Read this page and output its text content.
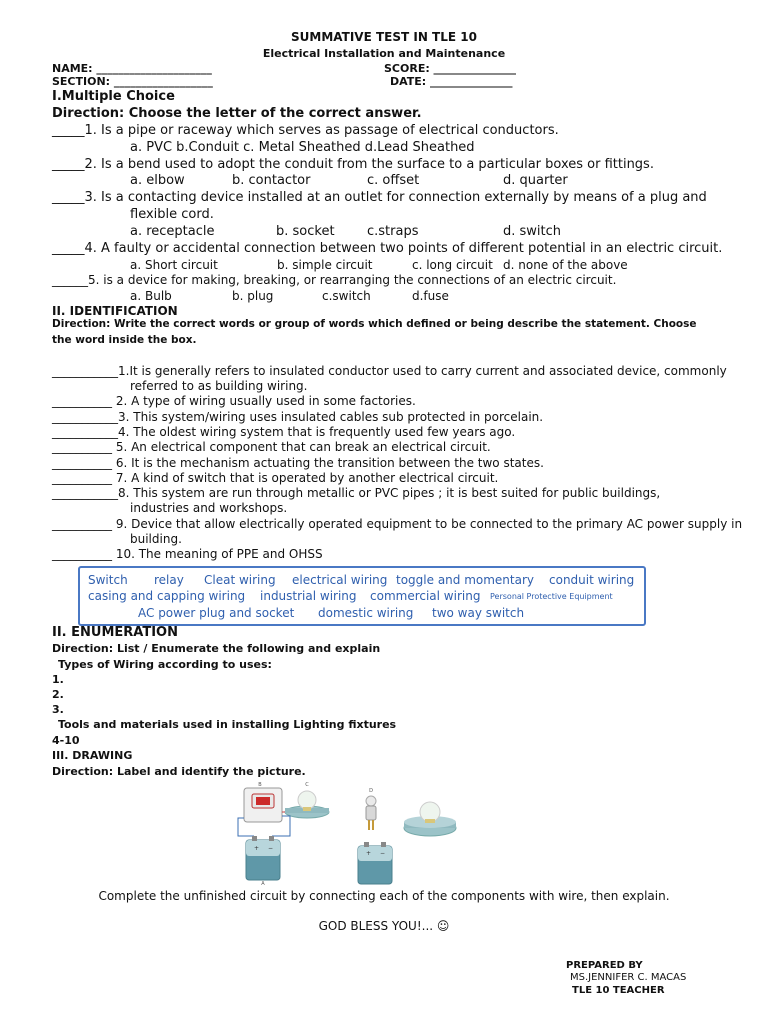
SUMMATIVE TEST IN TLE 10
Electrical Installation and Maintenance
NAME: _____________________	SCORE: _______________
SECTION: __________________	DATE: _______________
I.Multiple Choice
Direction: Choose the letter of the correct answer.
_____1. Is a pipe or raceway which serves as passage of electrical conductors.
a. PVC b.Conduit c. Metal Sheathed d.Lead Sheathed
_____2. Is a bend used to adopt the conduit from the surface to a particular boxes or fittings.
a. elbow	b. contactor	c. offset	d. quarter
_____3. Is a contacting device installed at an outlet for connection externally by means of a plug and
flexible cord.
a. receptacle	b. socket c.straps	d. switch
_____4. A faulty or accidental connection between two points of different potential in an electric circuit.
a. Short circuit	b. simple circuit	c. long circuit d. none of the above
______5. is a device for making, breaking, or rearranging the connections of an electric circuit.
a. Bulb	b. plug	c.switch	d.fuse
II. IDENTIFICATION
Direction: Write the correct words or group of words which defined or being describe the statement. Choose
the word inside the box.
___________1.It is generally refers to insulated conductor used to carry current and associated device, commonly
referred to as building wiring.
__________ 2. A type of wiring usually used in some factories.
___________3. This system/wiring uses insulated cables sub protected in porcelain.
___________4. The oldest wiring system that is frequently used few years ago.
__________ 5. An electrical component that can break an electrical circuit.
__________ 6. It is the mechanism actuating the transition between the two states.
__________ 7. A kind of switch that is operated by another electrical circuit.
___________8. This system are run through metallic or PVC pipes ; it is best suited for public buildings,
industries and workshops.
__________ 9. Device that allow electrically operated equipment to be connected to the primary AC power supply in
building.
__________ 10. The meaning of PPE and OHSS
Switch relay Cleat wiring electrical wiring toggle and momentary conduit wiring
casing and capping wiring industrial wiring commercial wiring Personal Protective Equipment
AC power plug and socket domestic wiring two way switch
II. ENUMERATION
Direction: List / Enumerate the following and explain
Types of Wiring according to uses:
1.
2.
3.
Tools and materials used in installing Lighting fixtures
4-10
III. DRAWING
Direction: Label and identify the picture.
B	C
+ −
A
D
+ −
Complete the unfinished circuit by connecting each of the components with wire, then explain.
GOD BLESS YOU!... ☺
PREPARED BY
MS.JENNIFER C. MACAS
TLE 10 TEACHER
